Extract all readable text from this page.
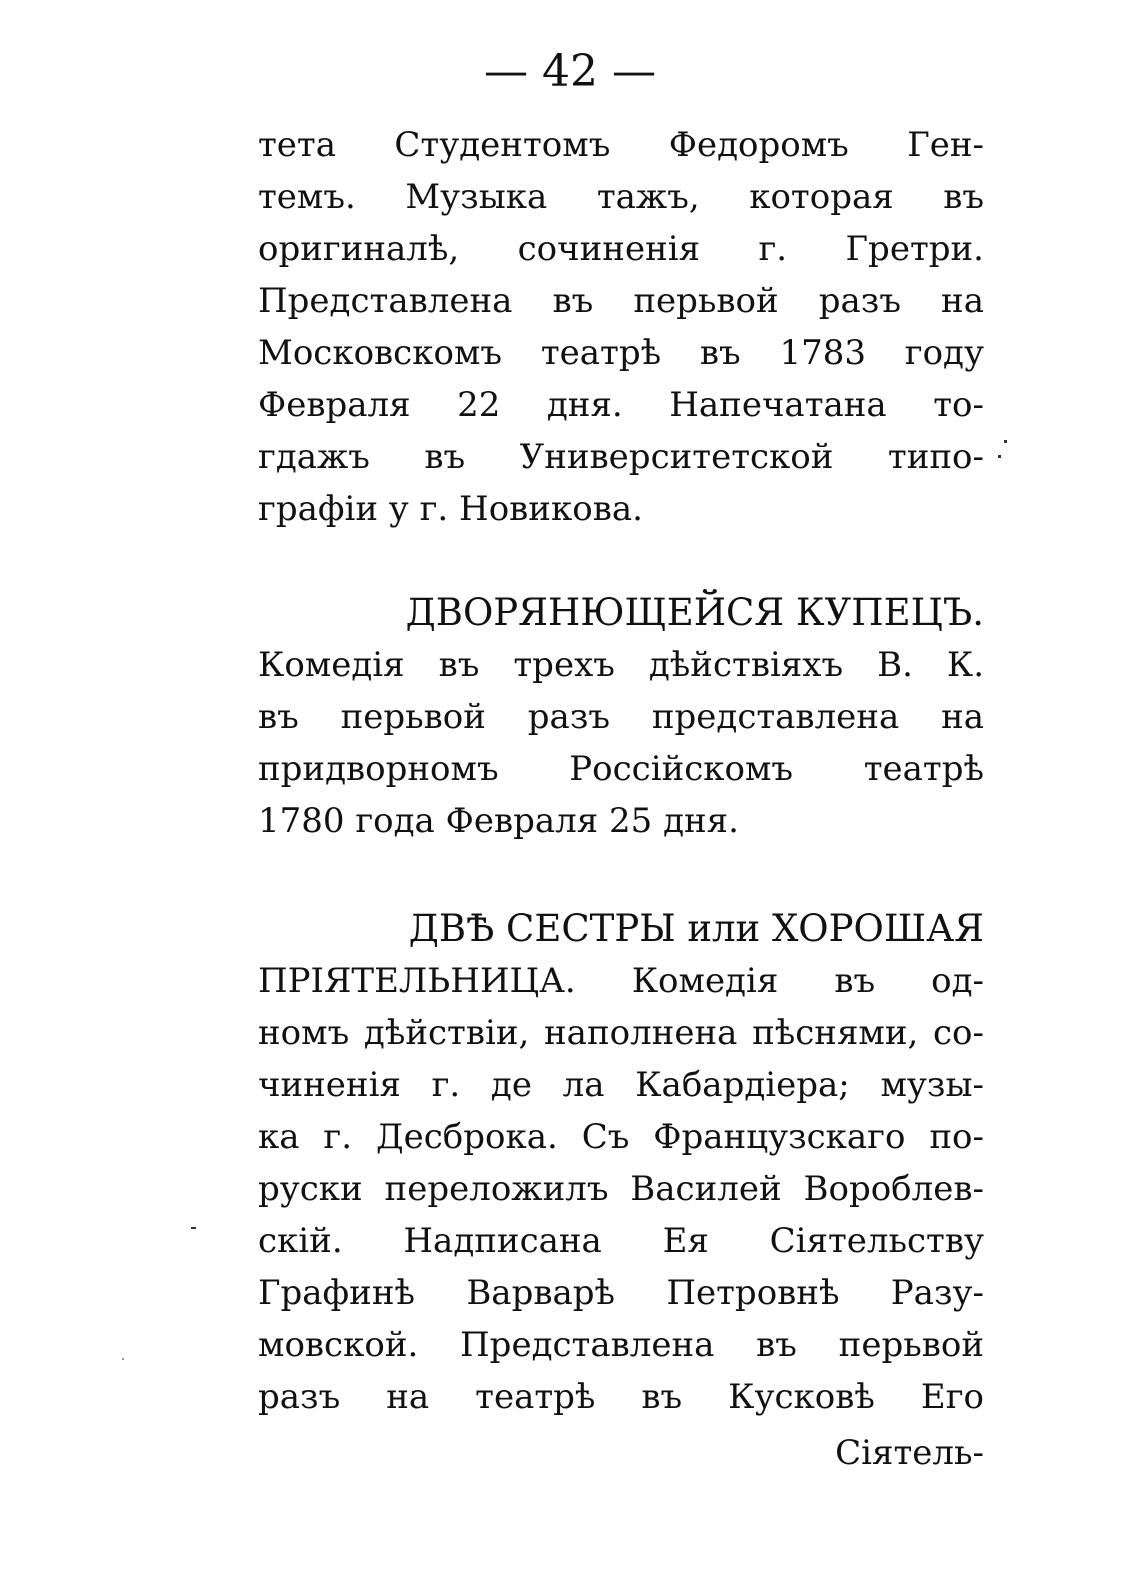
— 42 —
тета Студентомъ Федоромъ Ген-
темъ. Музыка тажъ, которая въ
оригиналѣ, сочиненія г. Гретри.
Представлена въ перьвой разъ на
Московскомъ театрѣ въ 1783 году
Февраля 22 дня. Напечатана то-
гдажъ въ Университетской типо-
графіи у г. Новикова.
ДВОРЯНЮЩЕЙСЯ КУПЕЦЪ.
Комедія въ трехъ дѣйствіяхъ В. К.
въ перьвой разъ представлена на
придворномъ Россійскомъ театрѣ
1780 года Февраля 25 дня.
ДВѢ СЕСТРЫ или ХОРОШАЯ
ПРІЯТЕЛЬНИЦА. Комедія въ од-
номъ дѣйствіи, наполнена пѣснями, сo-
чиненія г. де ла Кабардіера; музы-
ка г. Десброка. Съ Французскаго по-
руски переложилъ Василей Вороблев-
скій. Надписана Ея Сіятельству
Графинѣ Варварѣ Петровнѣ Разу-
мовской. Представлена въ перьвой
разъ на театрѣ въ Кусковѣ Его
Сіятель-
